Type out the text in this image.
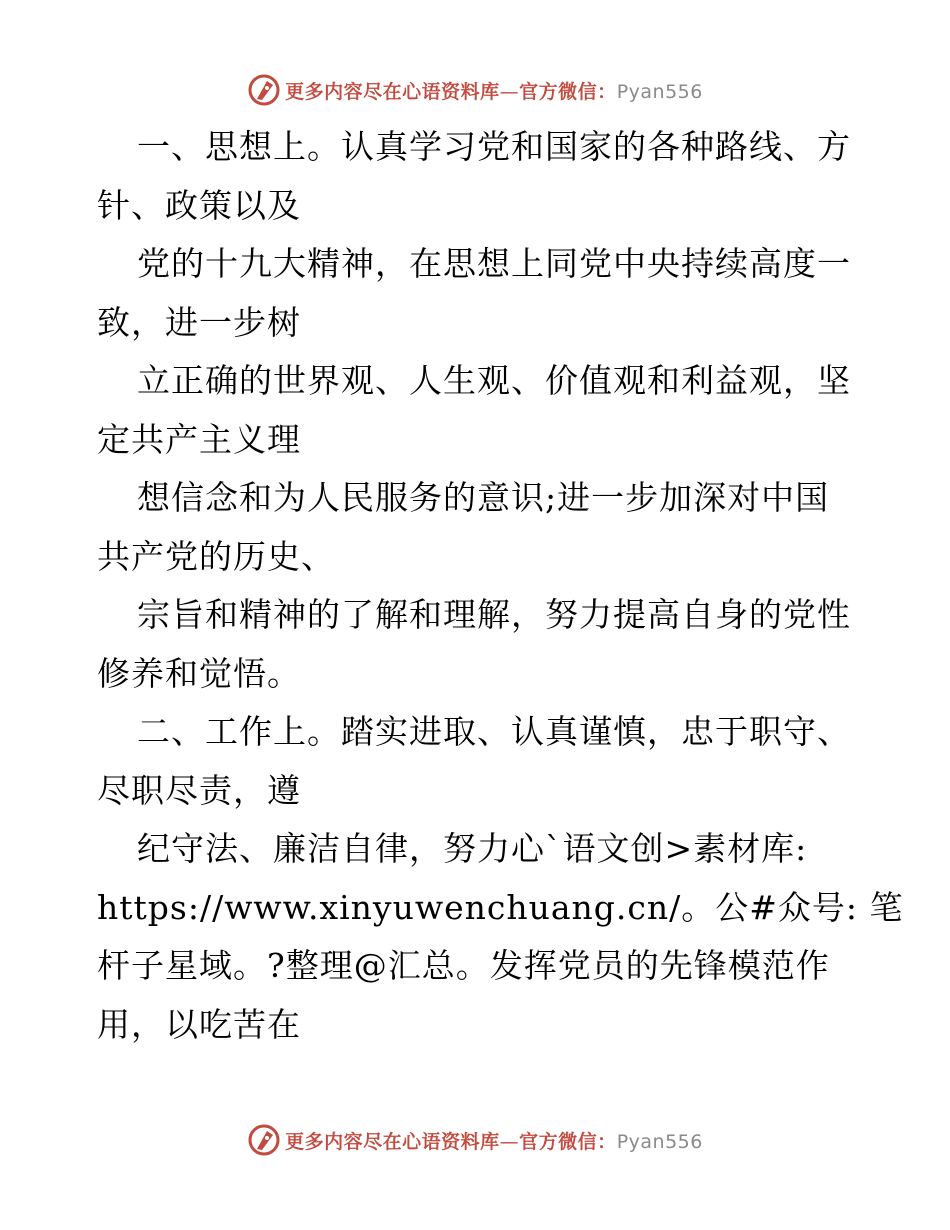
更多内容尽在心语资料库—官方微信：Pyan556
一、思想上。认真学习党和国家的各种路线、方
针、政策以及
党的十九大精神，在思想上同党中央持续高度一
致，进一步树
立正确的世界观、人生观、价值观和利益观，坚
定共产主义理
想信念和为人民服务的意识;进一步加深对中国
共产党的历史、
宗旨和精神的了解和理解，努力提高自身的党性
修养和觉悟。
二、工作上。踏实进取、认真谨慎，忠于职守、
尽职尽责，遵
纪守法、廉洁自律，努力心`语文创>素材库:
https://www.xinyuwenchuang.cn/。公#众号: 笔
杆子星域。?整理@汇总。发挥党员的先锋模范作
用，以吃苦在
更多内容尽在心语资料库—官方微信：Pyan556
